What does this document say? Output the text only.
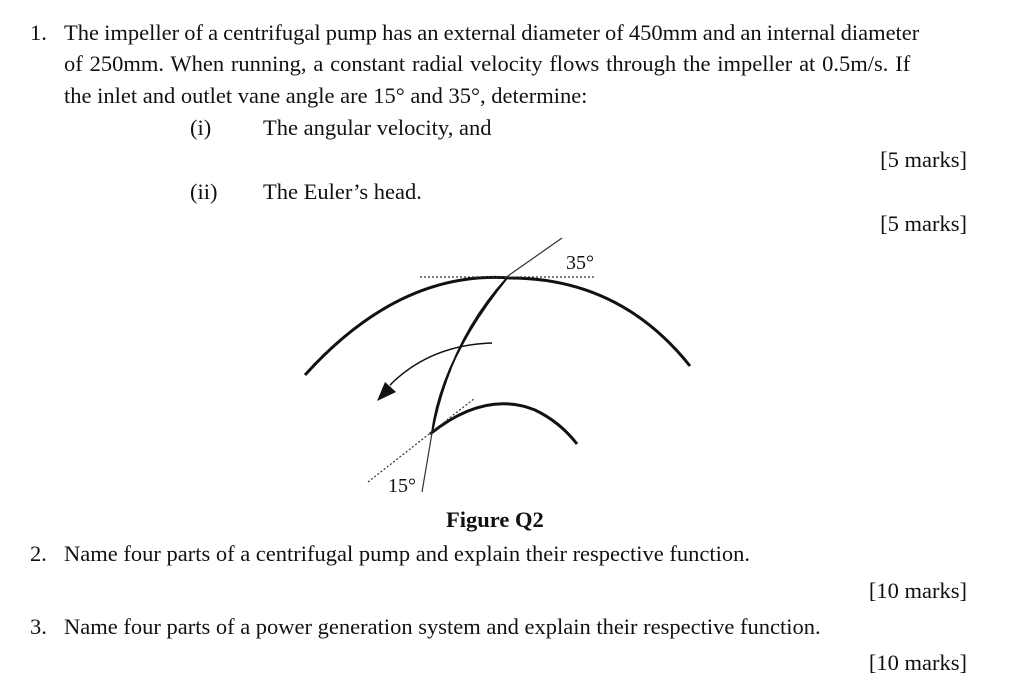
1. The impeller of a centrifugal pump has an external diameter of 450mm and an internal diameter
of 250mm. When running, a constant radial velocity flows through the impeller at 0.5m/s. If
the inlet and outlet vane angle are 15° and 35°, determine:
(i) The angular velocity, and
[5 marks]
(ii) The Euler’s head.
[5 marks]
35°
15°
Figure Q2
2. Name four parts of a centrifugal pump and explain their respective function.
[10 marks]
3. Name four parts of a power generation system and explain their respective function.
[10 marks]
